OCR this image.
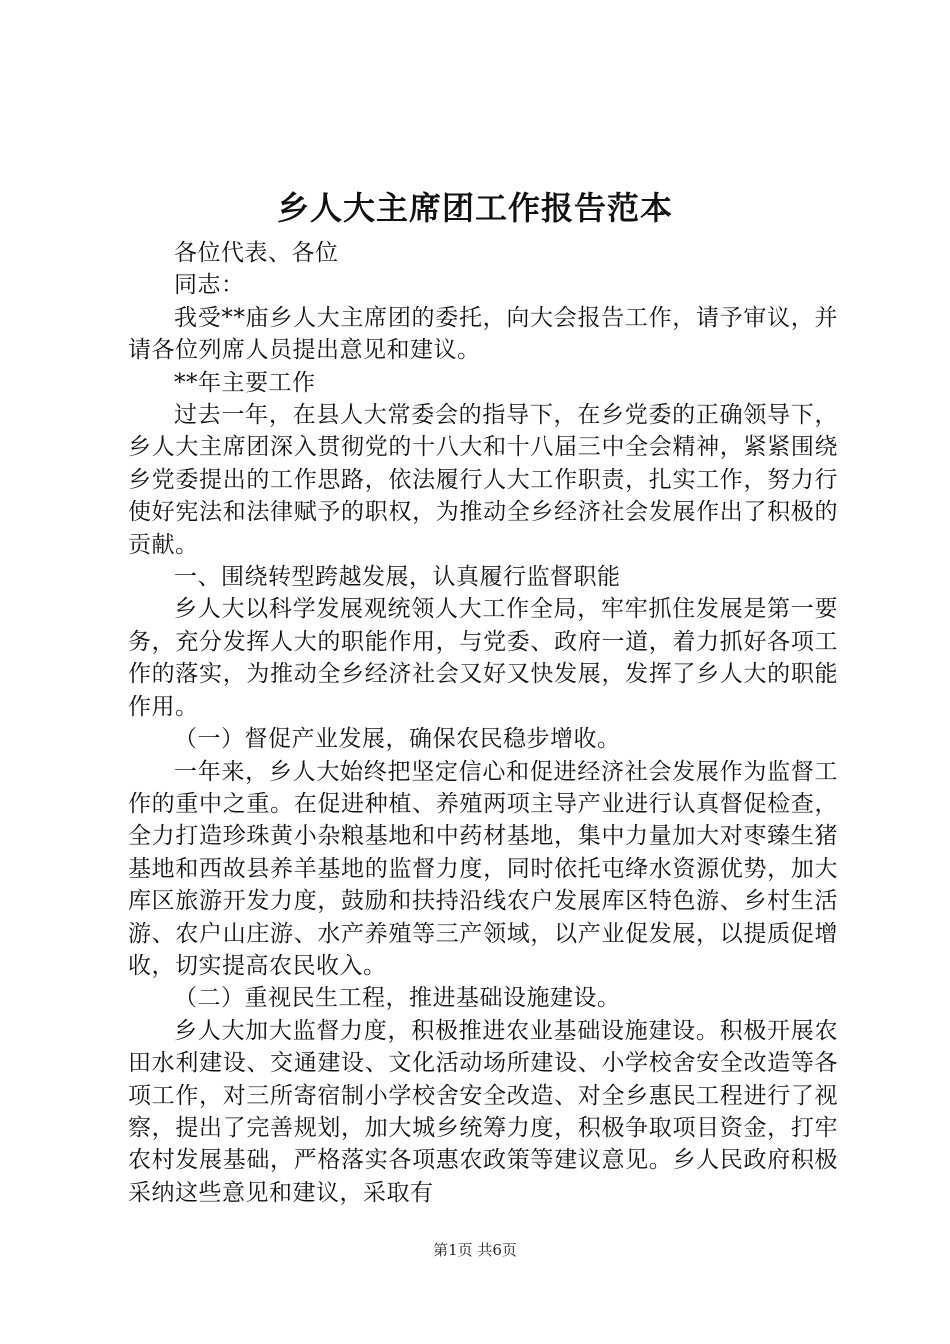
乡人大主席团工作报告范本

各位代表、各位

同志：

我受**庙乡人大主席团的委托，向大会报告工作，请予审议，并请各位列席人员提出意见和建议。

**年主要工作

过去一年，在县人大常委会的指导下，在乡党委的正确领导下，乡人大主席团深入贯彻党的十八大和十八届三中全会精神，紧紧围绕乡党委提出的工作思路，依法履行人大工作职责，扎实工作，努力行使好宪法和法律赋予的职权，为推动全乡经济社会发展作出了积极的贡献。

一、围绕转型跨越发展，认真履行监督职能

乡人大以科学发展观统领人大工作全局，牢牢抓住发展是第一要务，充分发挥人大的职能作用，与党委、政府一道，着力抓好各项工作的落实，为推动全乡经济社会又好又快发展，发挥了乡人大的职能作用。

（一）督促产业发展，确保农民稳步增收。

一年来，乡人大始终把坚定信心和促进经济社会发展作为监督工作的重中之重。在促进种植、养殖两项主导产业进行认真督促检查，全力打造珍珠黄小杂粮基地和中药材基地，集中力量加大对枣臻生猪基地和西故县养羊基地的监督力度，同时依托屯绛水资源优势，加大库区旅游开发力度，鼓励和扶持沿线农户发展库区特色游、乡村生活游、农户山庄游、水产养殖等三产领域，以产业促发展，以提质促增收，切实提高农民收入。

（二）重视民生工程，推进基础设施建设。

乡人大加大监督力度，积极推进农业基础设施建设。积极开展农田水利建设、交通建设、文化活动场所建设、小学校舍安全改造等各项工作，对三所寄宿制小学校舍安全改造、对全乡惠民工程进行了视察，提出了完善规划，加大城乡统筹力度，积极争取项目资金，打牢农村发展基础，严格落实各项惠农政策等建议意见。乡人民政府积极采纳这些意见和建议，采取有

第1页 共6页
